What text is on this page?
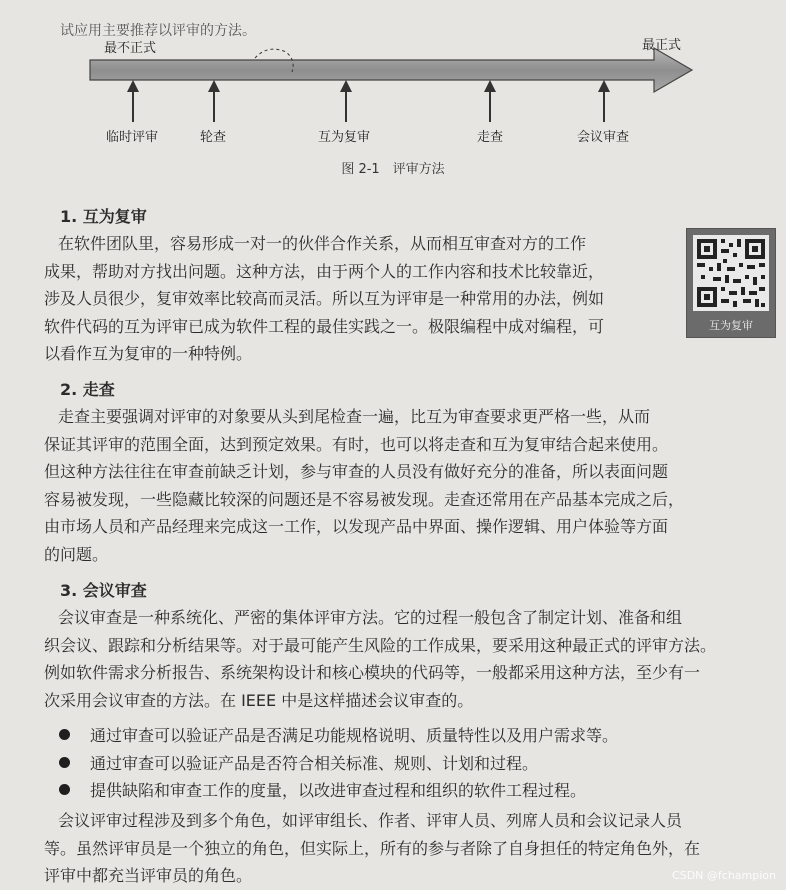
试应用主要推荐以评审的方法。
最不正式	最正式
临时评审	轮查	互为复审	走查	会议审查
图 2-1　评审方法
1. 互为复审
在软件团队里，容易形成一对一的伙伴合作关系，从而相互审查对方的工作
成果，帮助对方找出问题。这种方法，由于两个人的工作内容和技术比较靠近，
涉及人员很少，复审效率比较高而灵活。所以互为评审是一种常用的办法，例如
软件代码的互为评审已成为软件工程的最佳实践之一。极限编程中成对编程，可
以看作互为复审的一种特例。
互为复审
2. 走查
走查主要强调对评审的对象要从头到尾检查一遍，比互为审查要求更严格一些，从而
保证其评审的范围全面，达到预定效果。有时，也可以将走查和互为复审结合起来使用。
但这种方法往往在审查前缺乏计划，参与审查的人员没有做好充分的准备，所以表面问题
容易被发现，一些隐藏比较深的问题还是不容易被发现。走查还常用在产品基本完成之后，
由市场人员和产品经理来完成这一工作，以发现产品中界面、操作逻辑、用户体验等方面
的问题。
3. 会议审查
会议审查是一种系统化、严密的集体评审方法。它的过程一般包含了制定计划、准备和组
织会议、跟踪和分析结果等。对于最可能产生风险的工作成果，要采用这种最正式的评审方法。
例如软件需求分析报告、系统架构设计和核心模块的代码等，一般都采用这种方法，至少有一
次采用会议审查的方法。在 IEEE 中是这样描述会议审查的。
通过审查可以验证产品是否满足功能规格说明、质量特性以及用户需求等。
通过审查可以验证产品是否符合相关标准、规则、计划和过程。
提供缺陷和审查工作的度量，以改进审查过程和组织的软件工程过程。
会议评审过程涉及到多个角色，如评审组长、作者、评审人员、列席人员和会议记录人员
等。虽然评审员是一个独立的角色，但实际上，所有的参与者除了自身担任的特定角色外，在
评审中都充当评审员的角色。	CSDN @fchampion
